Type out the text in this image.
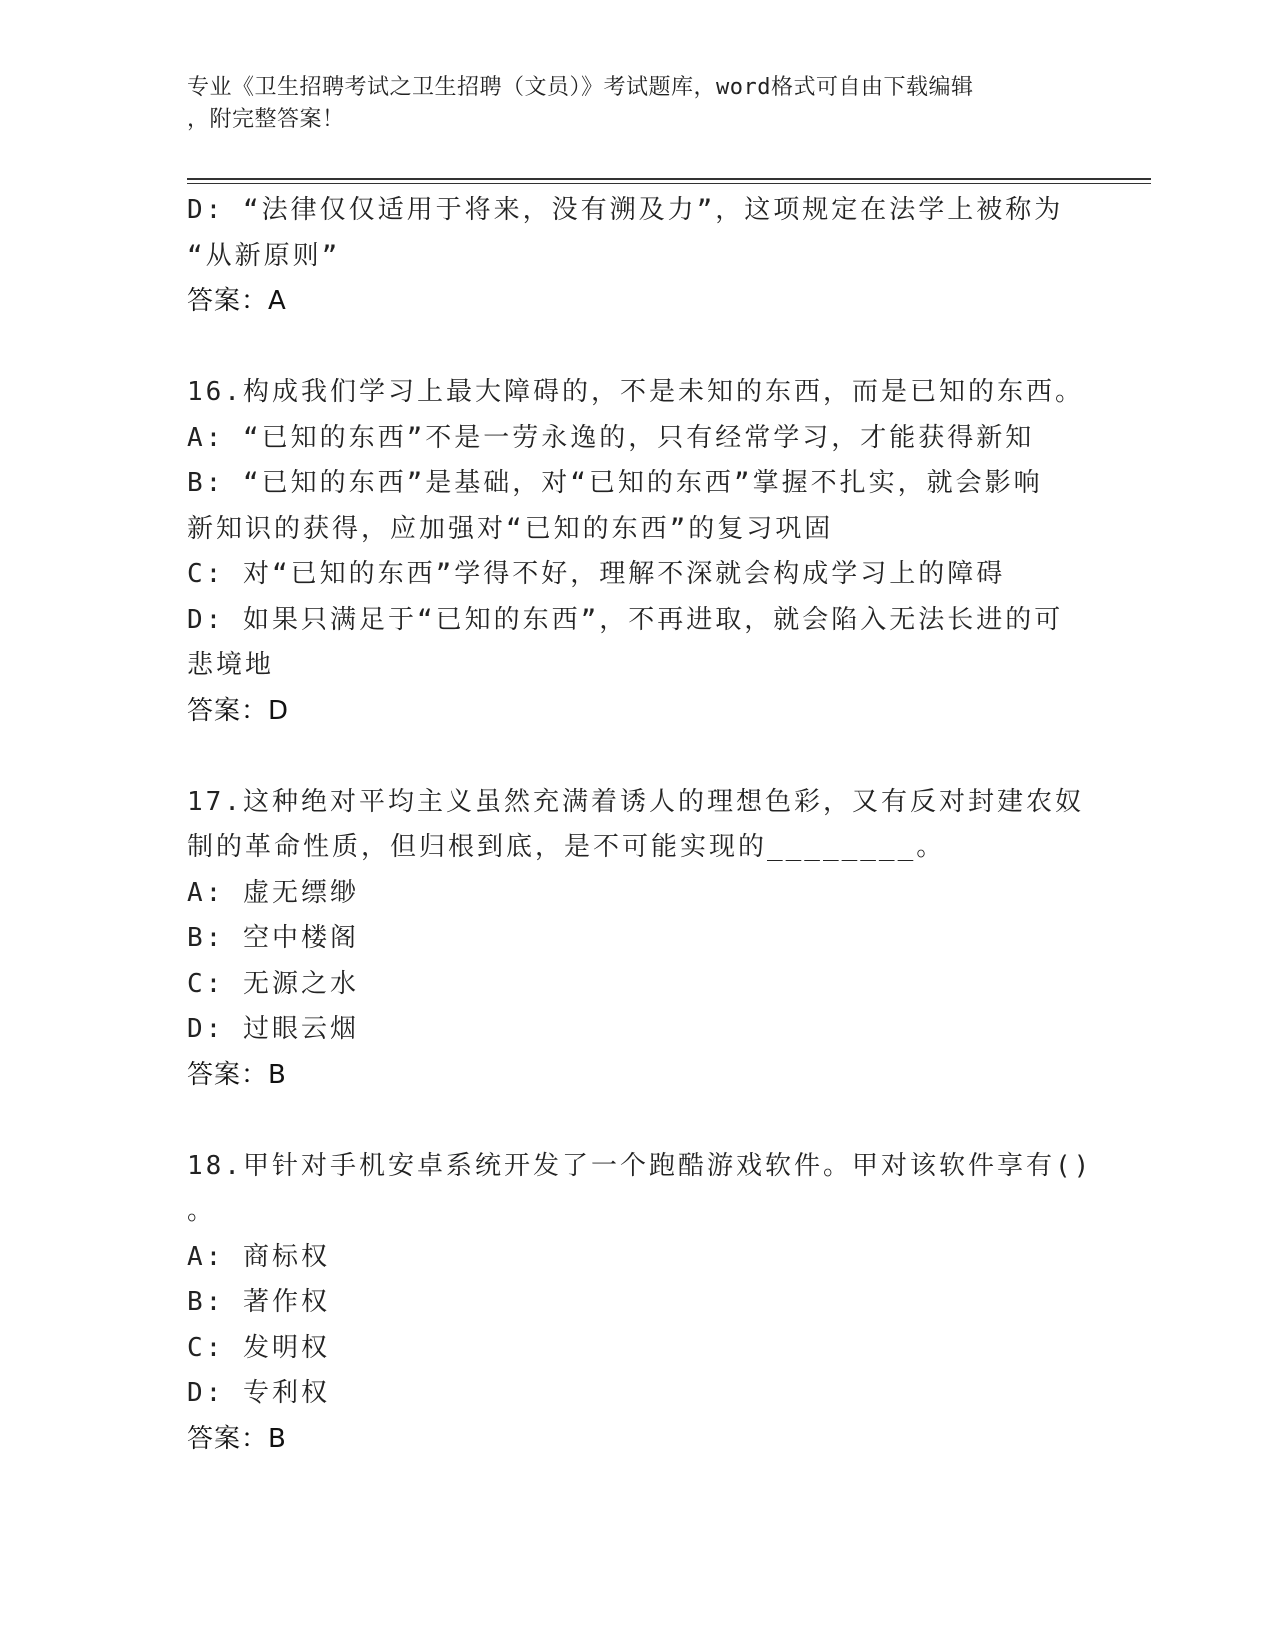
专业《卫生招聘考试之卫生招聘（文员）》考试题库，word格式可自由下载编辑
，附完整答案！
D: “法律仅仅适用于将来，没有溯及力”，这项规定在法学上被称为
“从新原则”
答案：A
16.构成我们学习上最大障碍的，不是未知的东西，而是已知的东西。
A: “已知的东西”不是一劳永逸的，只有经常学习，才能获得新知
B: “已知的东西”是基础，对“已知的东西”掌握不扎实，就会影响
新知识的获得，应加强对“已知的东西”的复习巩固
C: 对“已知的东西”学得不好，理解不深就会构成学习上的障碍
D: 如果只满足于“已知的东西”，不再进取，就会陷入无法长进的可
悲境地
答案：D
17.这种绝对平均主义虽然充满着诱人的理想色彩，又有反对封建农奴
制的革命性质，但归根到底，是不可能实现的________。
A: 虚无缥缈
B: 空中楼阁
C: 无源之水
D: 过眼云烟
答案：B
18.甲针对手机安卓系统开发了一个跑酷游戏软件。甲对该软件享有()
。
A: 商标权
B: 著作权
C: 发明权
D: 专利权
答案：B
